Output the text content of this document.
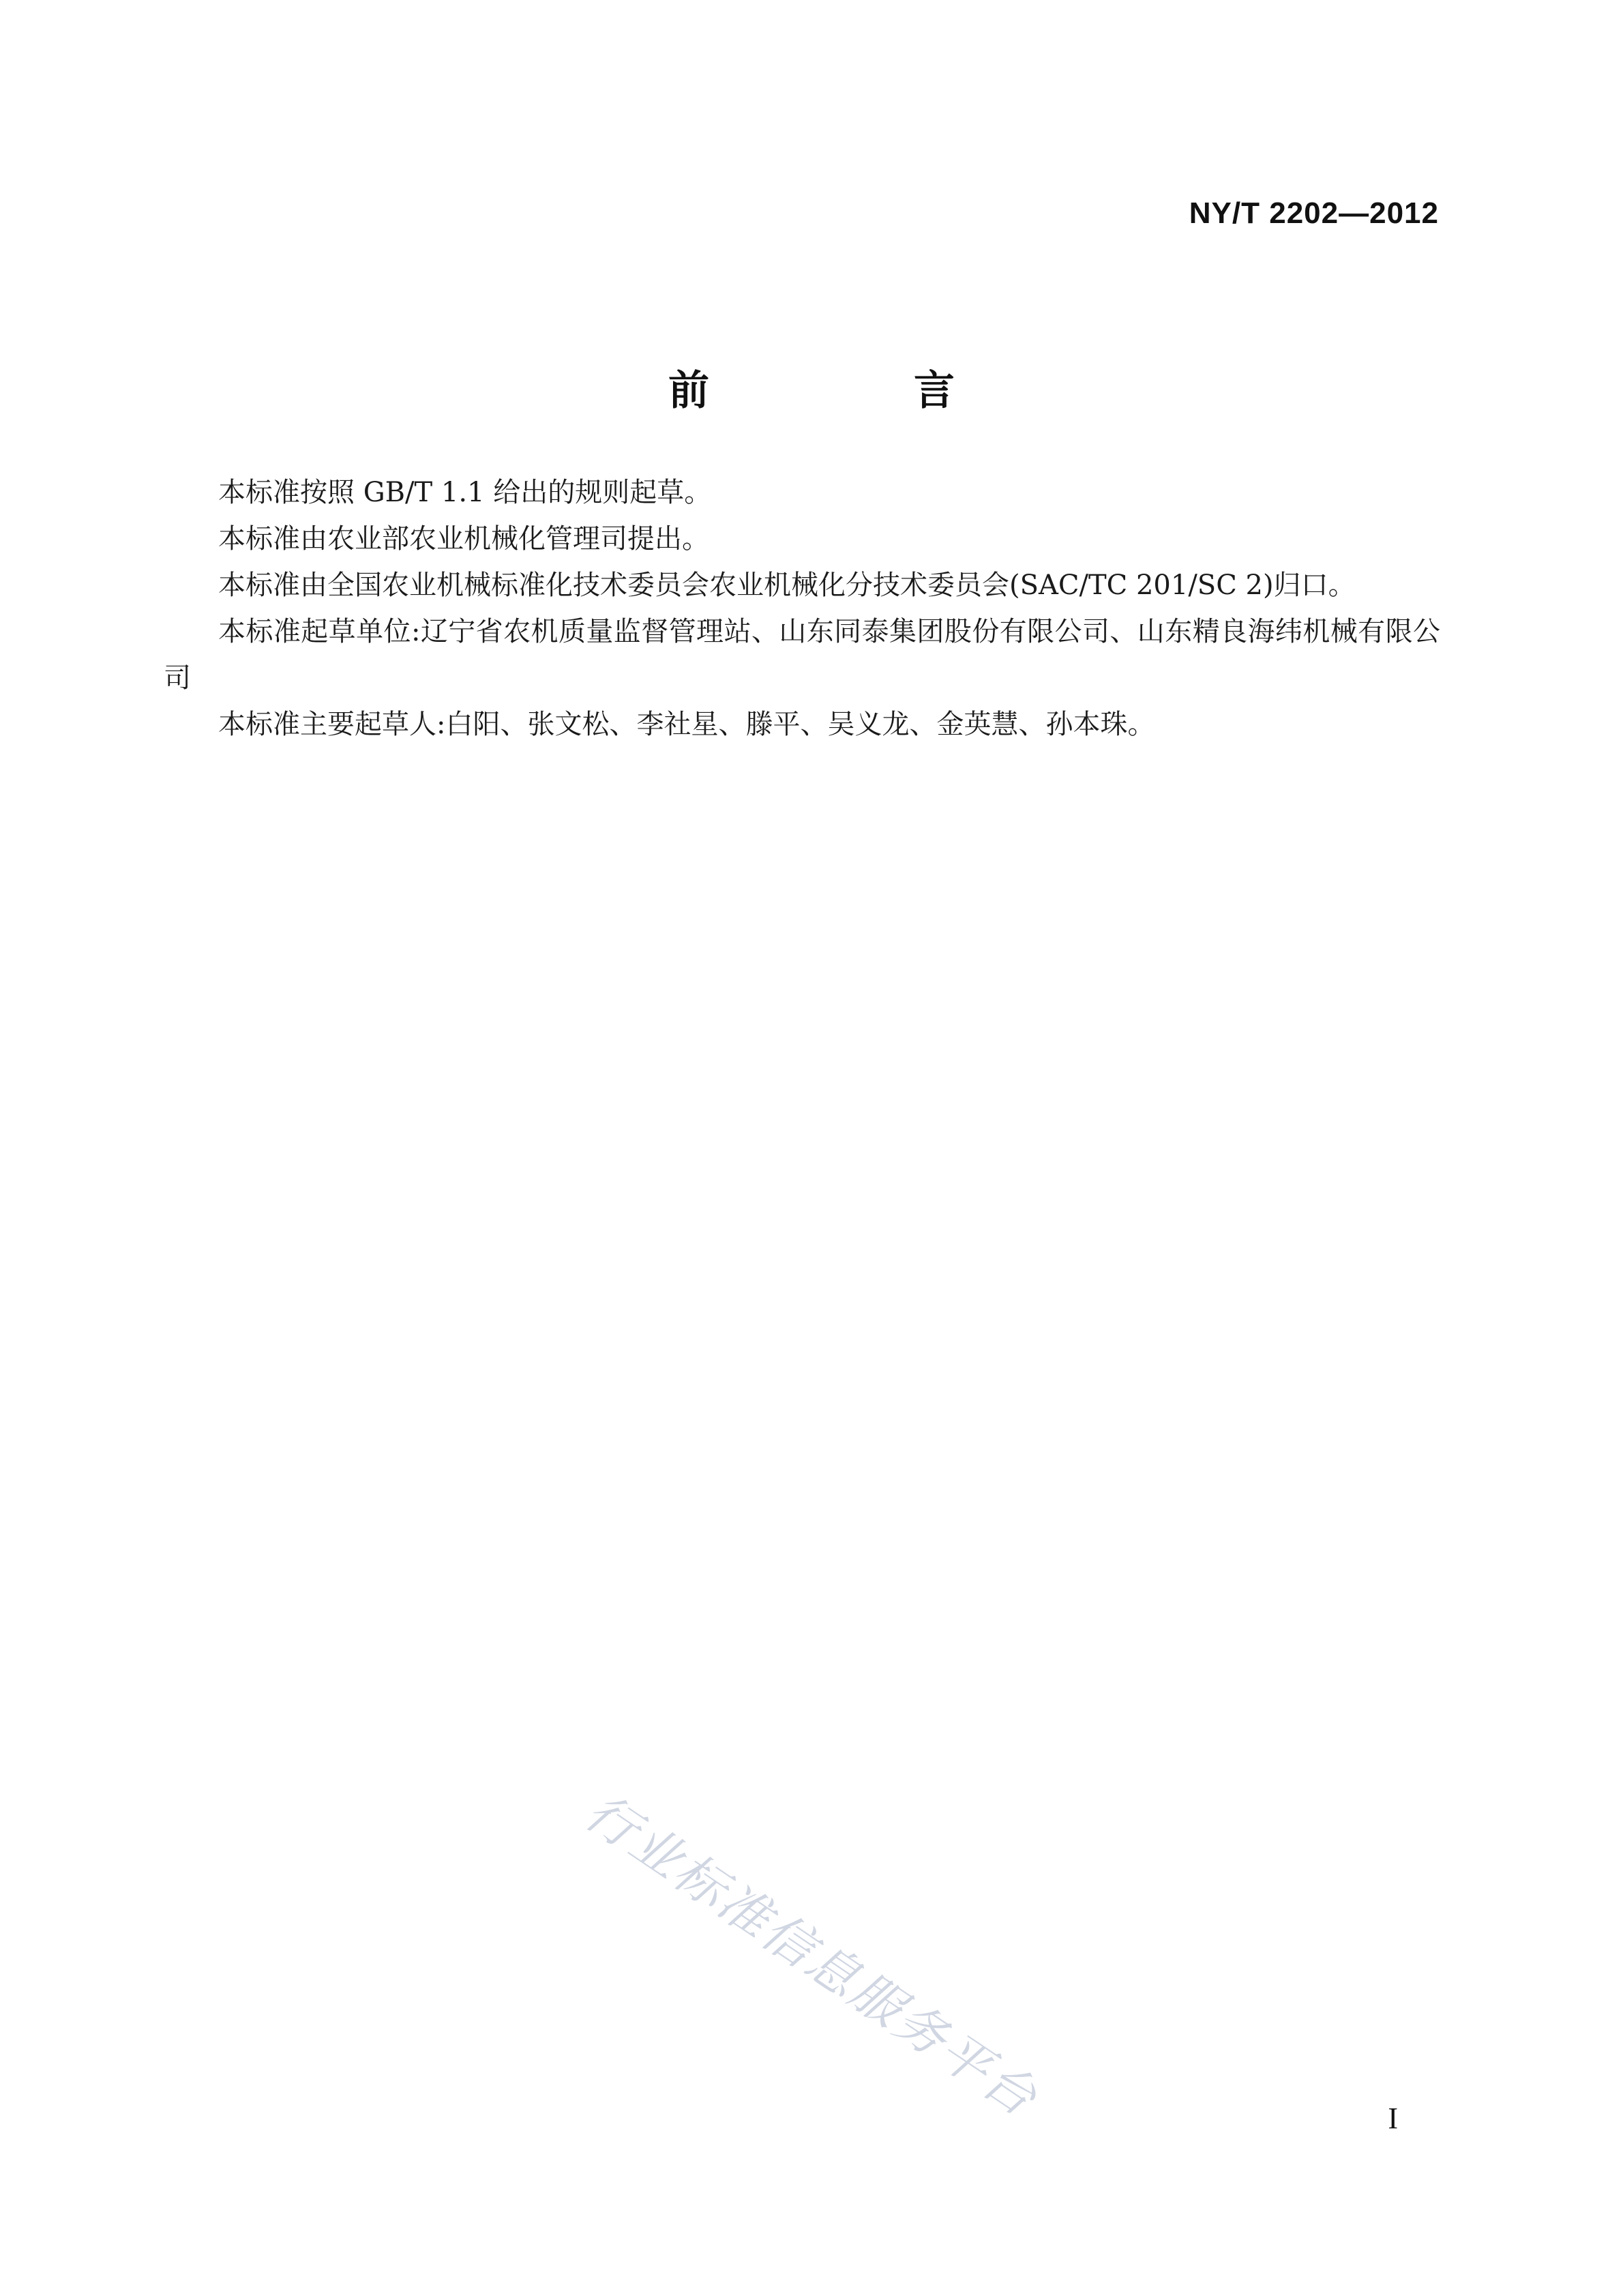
NY/T 2202—2012
前　言

本标准按照 GB/T 1.1 给出的规则起草。

本标准由农业部农业机械化管理司提出。

本标准由全国农业机械标准化技术委员会农业机械化分技术委员会(SAC/TC 201/SC 2)归口。

本标准起草单位:辽宁省农机质量监督管理站、山东同泰集团股份有限公司、山东精良海纬机械有限公司

本标准主要起草人:白阳、张文松、李社星、滕平、吴义龙、金英慧、孙本珠。

行业标准信息服务平台	I
